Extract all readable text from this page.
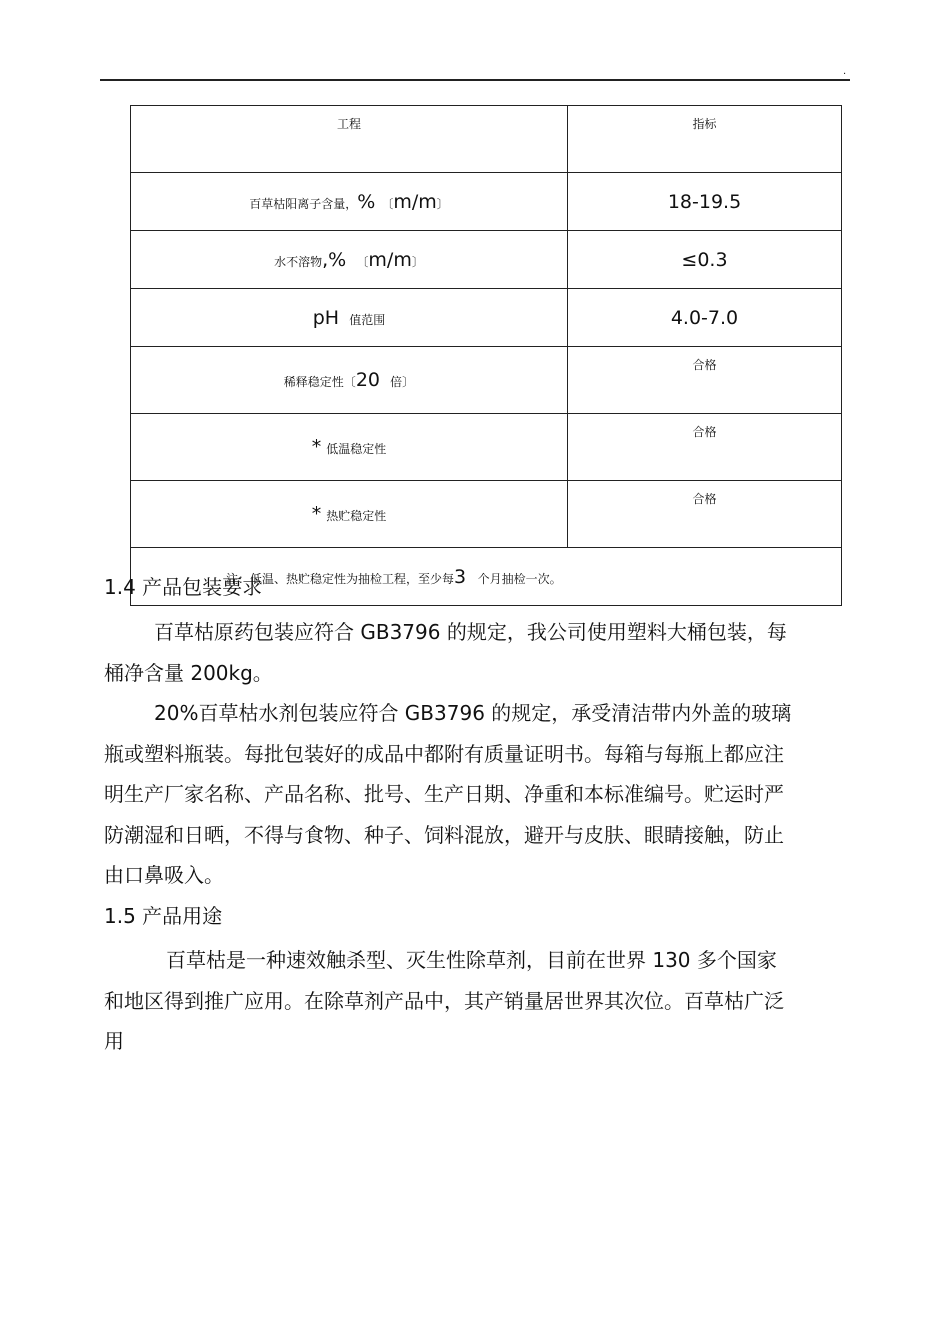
.
工程	指标
百草枯阳离子含量，% 〔m/m〕	18-19.5
水不溶物,% 〔m/m〕	≤0.3
pH 值范围	4.0-7.0
稀释稳定性〔20 倍〕	合格
* 低温稳定性	合格
* 热贮稳定性	合格
注：低温、热贮稳定性为抽检工程，至少每3 个月抽检一次。	
1.4 产品包装要求
百草枯原药包装应符合 GB3796 的规定，我公司使用塑料大桶包装，每
桶净含量 200kg。
20%百草枯水剂包装应符合 GB3796 的规定，承受清洁带内外盖的玻璃
瓶或塑料瓶装。每批包装好的成品中都附有质量证明书。每箱与每瓶上都应注
明生产厂家名称、产品名称、批号、生产日期、净重和本标准编号。贮运时严
防潮湿和日晒，不得与食物、种子、饲料混放，避开与皮肤、眼睛接触，防止
由口鼻吸入。
1.5 产品用途
百草枯是一种速效触杀型、灭生性除草剂，目前在世界 130 多个国家
和地区得到推广应用。在除草剂产品中，其产销量居世界其次位。百草枯广泛
用
